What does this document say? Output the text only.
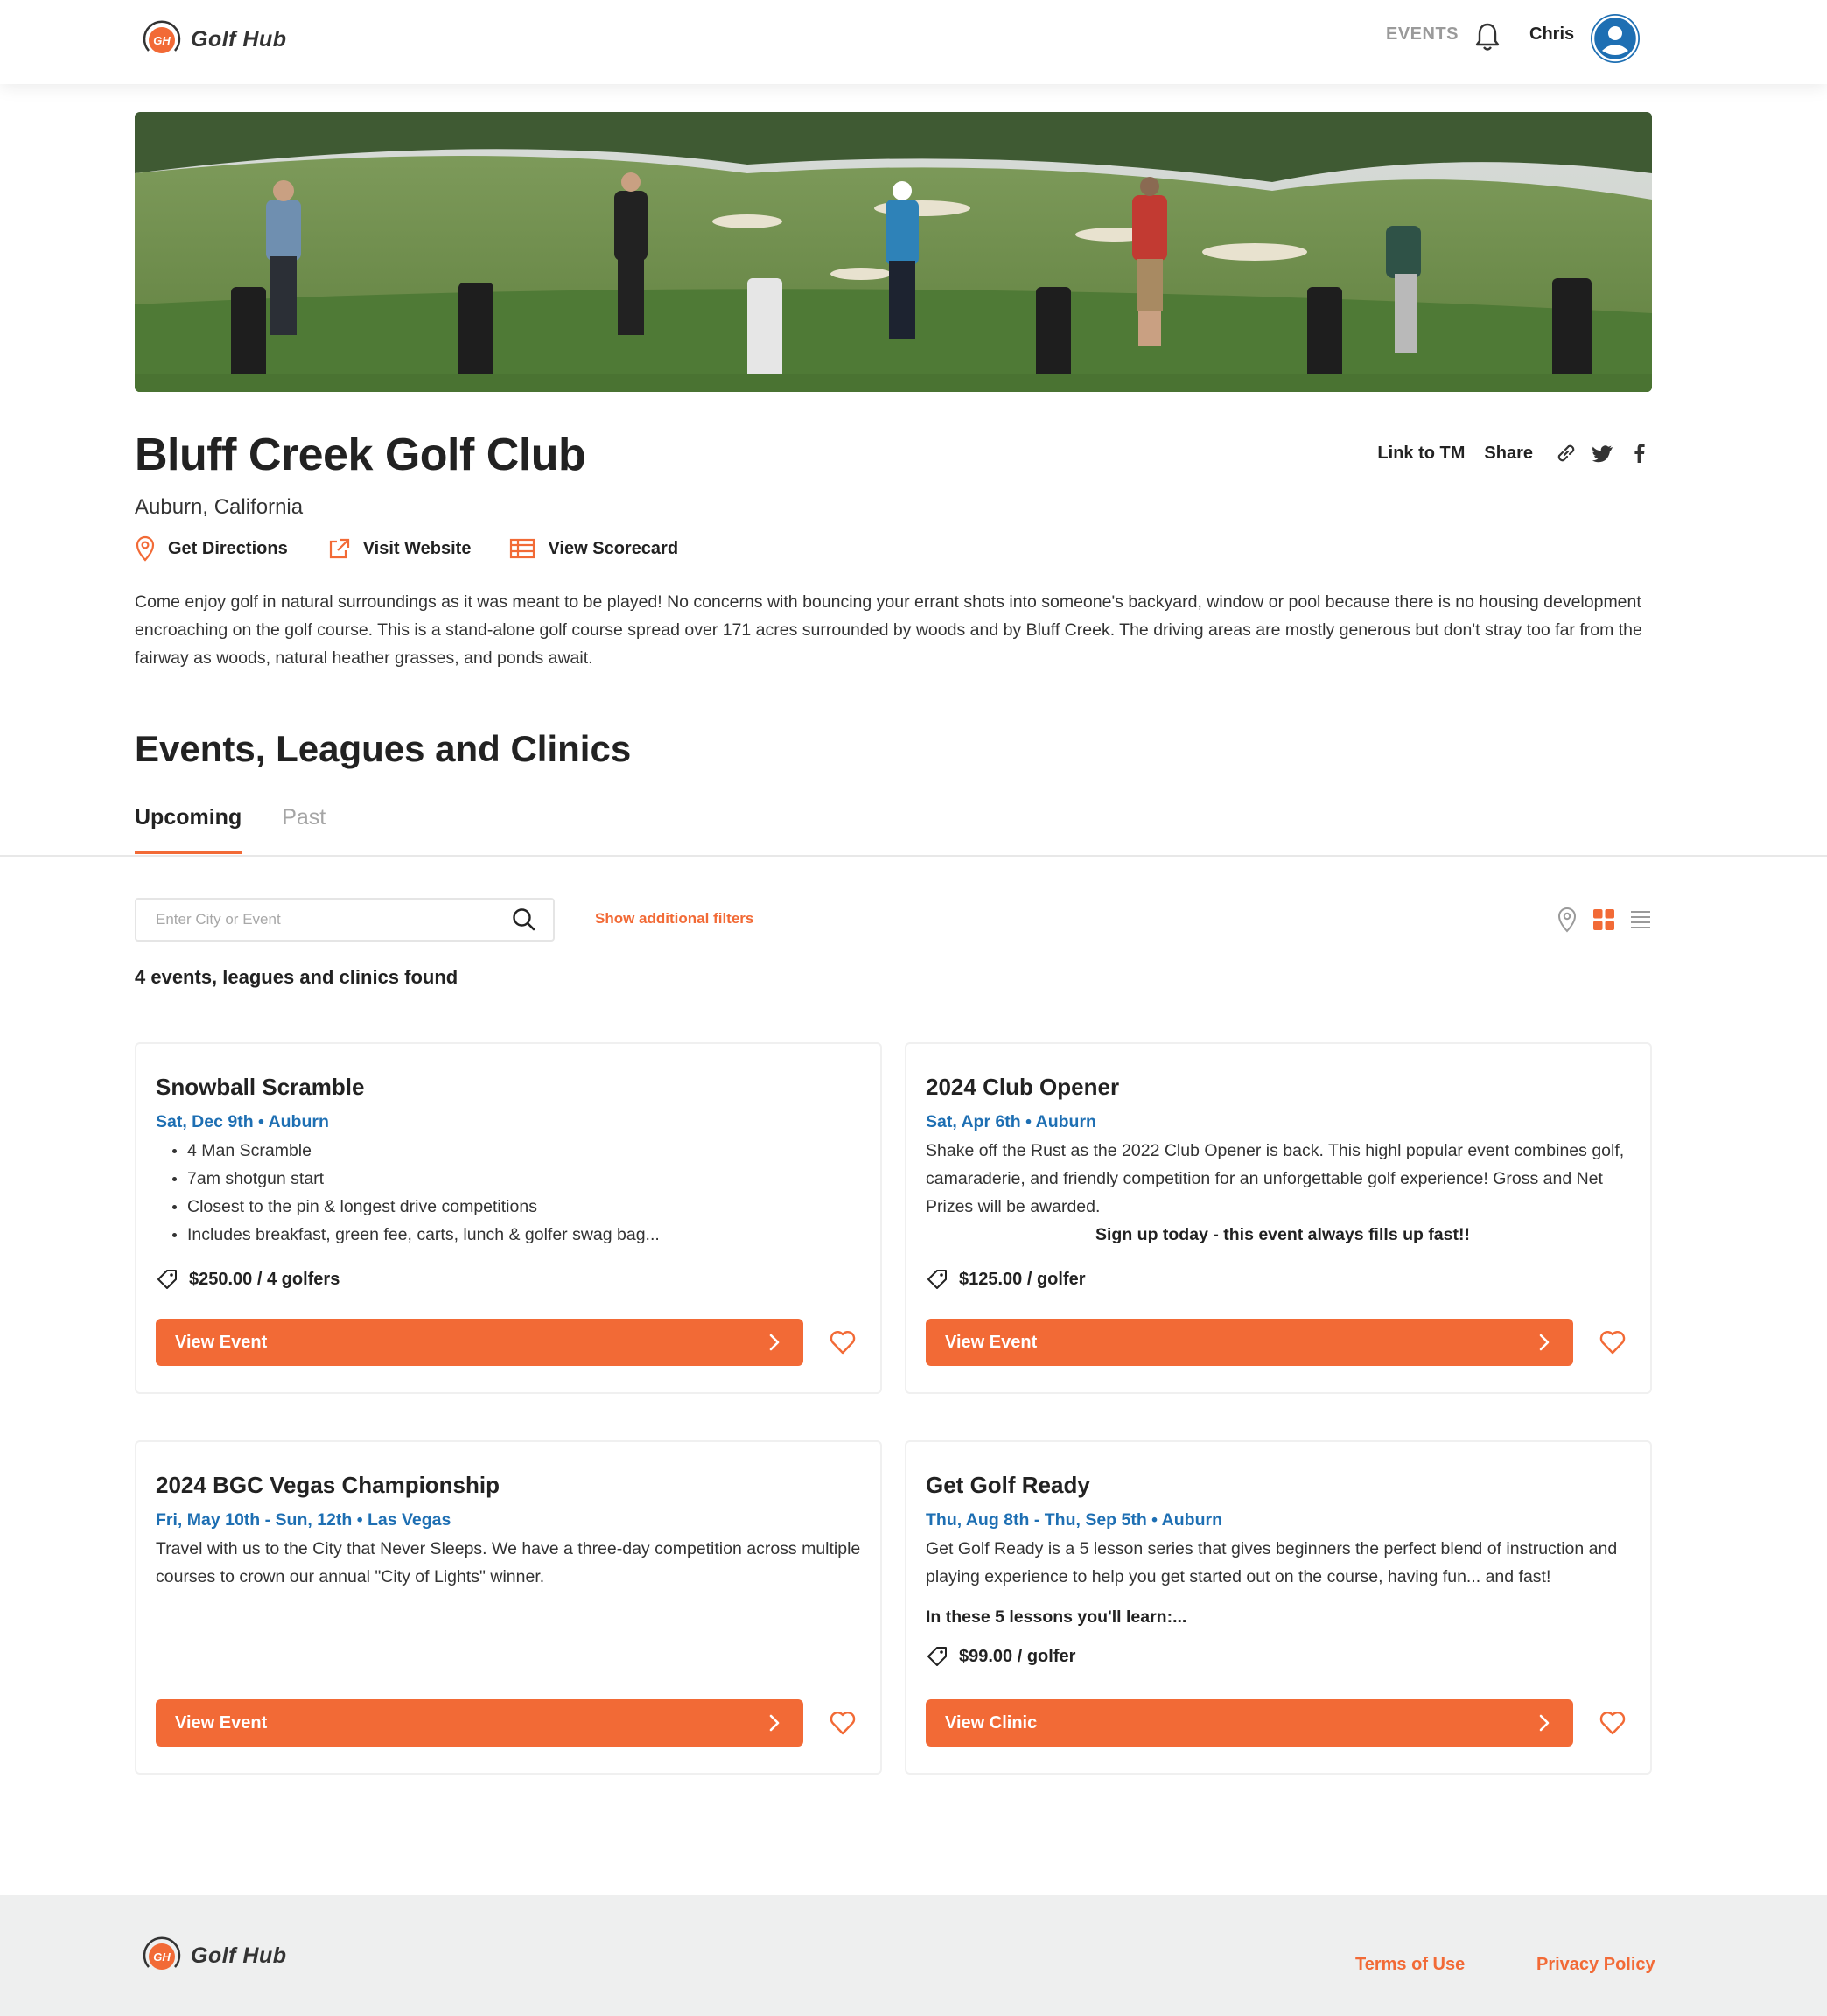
GH Golf Hub	EVENTS	Chris
Bluff Creek Golf Club
Auburn, California
Link to TM Share
Get Directions	Visit Website	View Scorecard

Come enjoy golf in natural surroundings as it was meant to be played! No concerns with bouncing your errant shots into someone's backyard, window or pool because there is no housing development encroaching on the golf course. This is a stand-alone golf course spread over 171 acres surrounded by woods and by Bluff Creek. The driving areas are mostly generous but don't stray too far from the fairway as woods, natural heather grasses, and ponds await.

Events, Leagues and Clinics
Upcoming Past
Enter City or Event
Show additional filters
4 events, leagues and clinics found
Snowball Scramble
Sat, Dec 9th • Auburn
4 Man Scramble
7am shotgun start
Closest to the pin & longest drive competitions
Includes breakfast, green fee, carts, lunch & golfer swag bag...
$250.00 / 4 golfers
View Event
2024 Club Opener
Sat, Apr 6th • Auburn

Shake off the Rust as the 2022 Club Opener is back. This highl popular event combines golf, camaraderie, and friendly competition for an unforgettable golf experience! Gross and Net Prizes will be awarded.

Sign up today - this event always fills up fast!!

$125.00 / golfer
View Event
2024 BGC Vegas Championship
Fri, May 10th - Sun, 12th • Las Vegas

Travel with us to the City that Never Sleeps. We have a three-day competition across multiple courses to crown our annual "City of Lights" winner.

View Event
Get Golf Ready
Thu, Aug 8th - Thu, Sep 5th • Auburn

Get Golf Ready is a 5 lesson series that gives beginners the perfect blend of instruction and playing experience to help you get started out on the course, having fun... and fast!

In these 5 lessons you'll learn:...

$99.00 / golfer
View Clinic
GH Golf Hub	Terms of Use	Privacy Policy
